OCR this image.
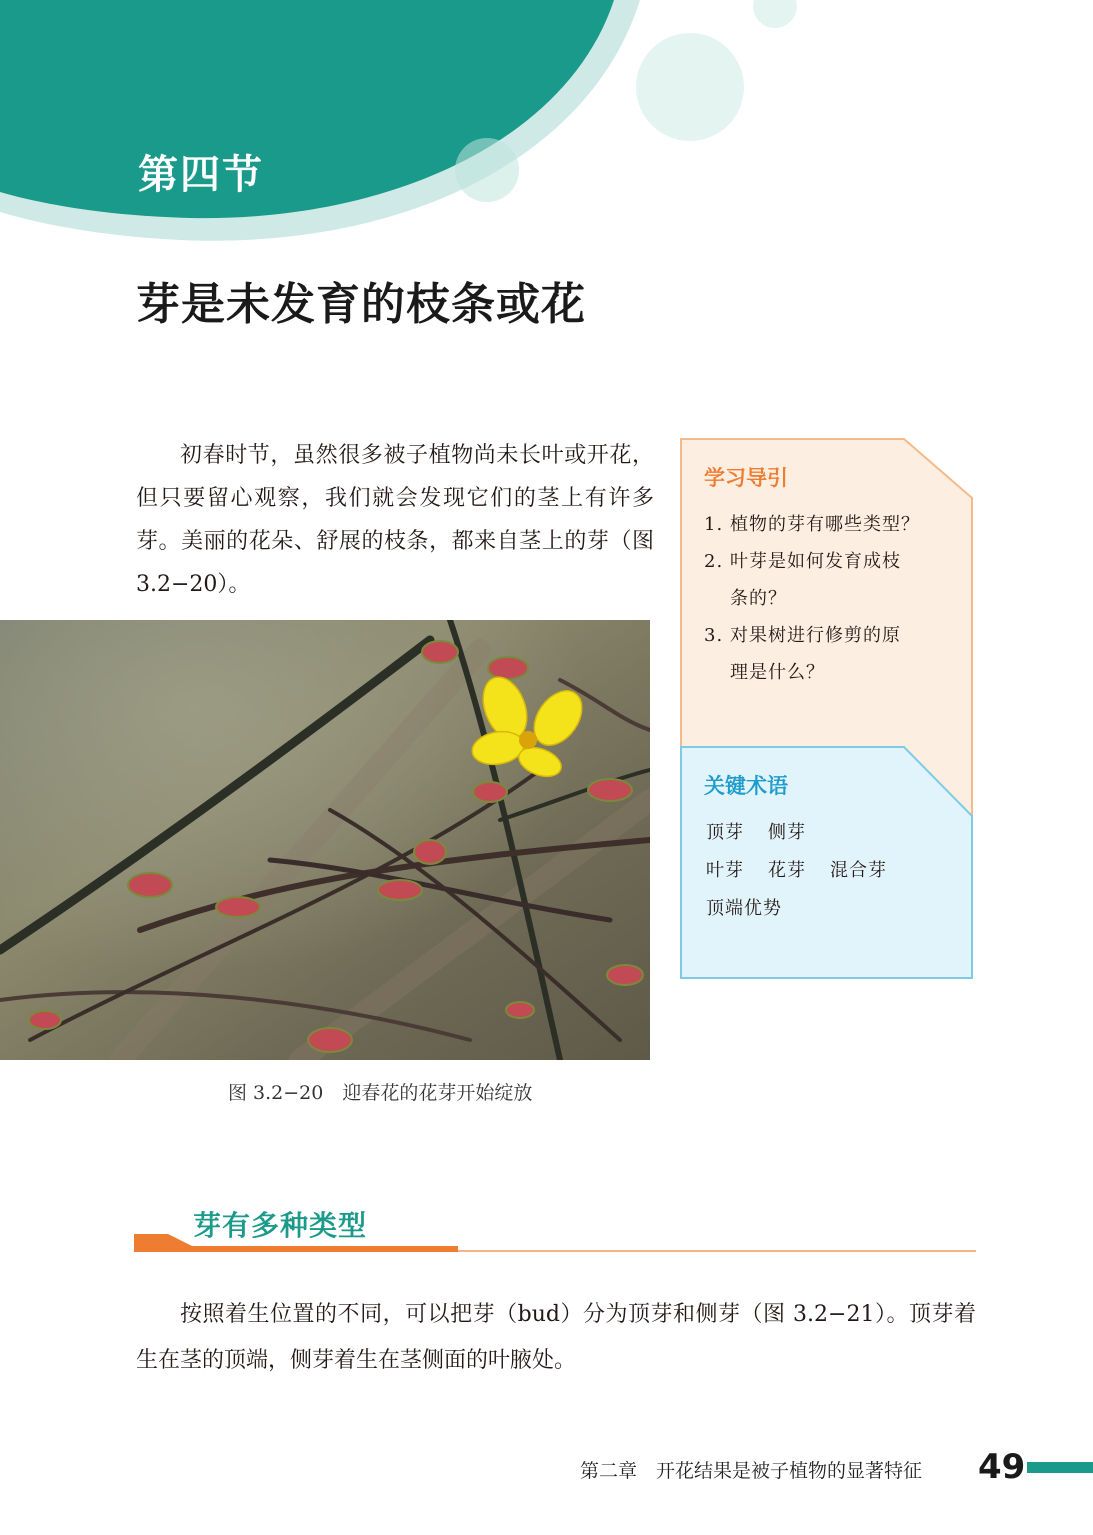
第四节
芽是未发育的枝条或花

初春时节，虽然很多被子植物尚未长叶或开花，但只要留心观察，我们就会发现它们的茎上有许多芽。美丽的花朵、舒展的枝条，都来自茎上的芽（图 3.2−20）。

图 3.2−20　迎春花的花芽开始绽放
学习导引
1. 植物的芽有哪些类型？
2. 叶芽是如何发育成枝
条的？
3. 对果树进行修剪的原
理是什么？
关键术语
顶芽 侧芽
叶芽 花芽 混合芽
顶端优势
芽有多种类型

按照着生位置的不同，可以把芽（bud）分为顶芽和侧芽（图 3.2−21）。顶芽着生在茎的顶端，侧芽着生在茎侧面的叶腋处。

第二章　开花结果是被子植物的显著特征 49
